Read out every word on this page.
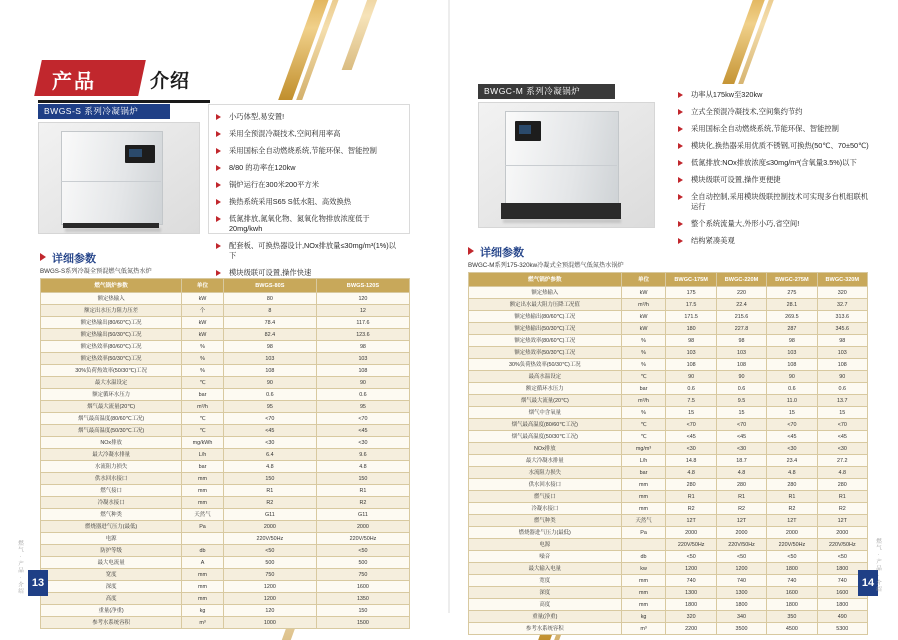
产品	介绍
BWGS-S 系列冷凝锅炉
小巧体型,易安置!
采用全预混冷凝技术,空间利用率高
采用国标全自动燃烧系统,节能环保、智能控制
8/80 的功率在120kw
锅炉运行在300米200平方米
换热系统采用S65 S低水阻、高效换热
低氮排放,氮氧化物、氮氧化物排放浓度低于20mg/kwh
配套板、可换热器设计,NOx排放量≤30mg/m³(1%)以下
模块级联可设置,操作快速
详细参数
BWGS-S系列冷凝全预混燃气低氮热水炉
燃气锅炉参数	单位	BWGS-80S	BWGS-120S
额定热输入	kW	80	120
额定出水压力阻力压差	个	8	12
额定热输出(80/60℃)工况	kW	78.4	117.6
额定热输出(50/30℃)工况	kW	82.4	123.6
额定热效率(80/60℃)工况	%	98	98
额定热效率(50/30℃)工况	%	103	103
30%负荷热效率(50/30℃)工况	%	108	108
最大水温设定	℃	90	90
额定循环水压力	bar	0.6	0.6
烟气最大流量(20℃)	m³/h	95	95
烟气最高温度(80/60℃工况)	℃	<70	<70
烟气最高温度(50/30℃工况)	℃	<45	<45
NOx排放	mg/kWh	<30	<30
最大冷凝水排量	L/h	6.4	9.6
水流阻力损失	bar	4.8	4.8
供水回水接口	mm	150	150
燃气接口	mm	R1	R1
冷凝水接口	mm	R2	R2
燃气种类	天然气	G11	G11
燃烧器进气压力(最低)	Pa	2000	2000
电源		220V/50Hz	220V/50Hz
防护等级	db	<50	<50
最大电流量	A	500	500
宽度	mm	750	750
深度	mm	1200	1600
高度	mm	1200	1350
重量(净重)	kg	120	150
参考水系统容积	m³	1000	1500
13
燃气 · 产品 · 介绍
BWGC-M 系列冷凝锅炉	功率从175kw至320kw
立式全预混冷凝技术,空间集约节约
采用国标全自动燃烧系统,节能环保、智能控制
模块化,换热器采用优质不锈钢,可换热(50℃、70±50℃)
低氮排放:NOx排放浓度≤30mg/m³(含氧量3.5%)以下
模块级联可设置,操作更便捷
全自动控制,采用模块级联控制技术可实现多台机组联机运行
整个系统流量大,外形小巧,省空间!
结构紧凑美观
详细参数
BWGC-M系列175-320kw冷凝式全预混燃气低氮热水锅炉
燃气锅炉参数	单位	BWGC-175M	BWGC-220M	BWGC-275M	BWGC-320M
额定热输入	kW	175	220	275	320
额定出水最大阻力压降工况值	m³/h	17.5	22.4	28.1	32.7
额定热输出(80/60℃)工况	kW	171.5	215.6	269.5	313.6
额定热输出(50/30℃)工况	kW	180	227.8	287	345.6
额定热效率(80/60℃)工况	%	98	98	98	98
额定热效率(50/30℃)工况	%	103	103	103	103
30%负荷热效率(50/30℃)工况	%	108	108	108	108
最高水温设定	℃	90	90	90	90
额定循环水压力	bar	0.6	0.6	0.6	0.6
烟气最大流量(20℃)	m³/h	7.5	9.5	11.0	13.7
烟气中含氧量	%	15	15	15	15
烟气最高温度(80/60℃工况)	℃	<70	<70	<70	<70
烟气最高温度(50/30℃工况)	℃	<45	<45	<45	<45
NOx排放	mg/m³	<30	<30	<30	<30
最大冷凝水排量	L/h	14.8	18.7	23.4	27.2
水流阻力损失	bar	4.8	4.8	4.8	4.8
供水回水接口	mm	280	280	280	280
燃气接口	mm	R1	R1	R1	R1
冷凝水接口	mm	R2	R2	R2	R2
燃气种类	天然气	12T	12T	12T	12T
燃烧器进气压力(最低)	Pa	2000	2000	2000	2000
电源		220V/50Hz	220V/50Hz	220V/50Hz	220V/50Hz
噪音	db	<50	<50	<50	<50
最大输入电量	kw	1200	1200	1800	1800
宽度	mm	740	740	740	740
深度	mm	1300	1300	1600	1600
高度	mm	1800	1800	1800	1800
重量(净重)	kg	320	340	350	490
参考水系统容积	m³	2200	3500	4500	5300
14 燃气 · 产品 · 介绍
